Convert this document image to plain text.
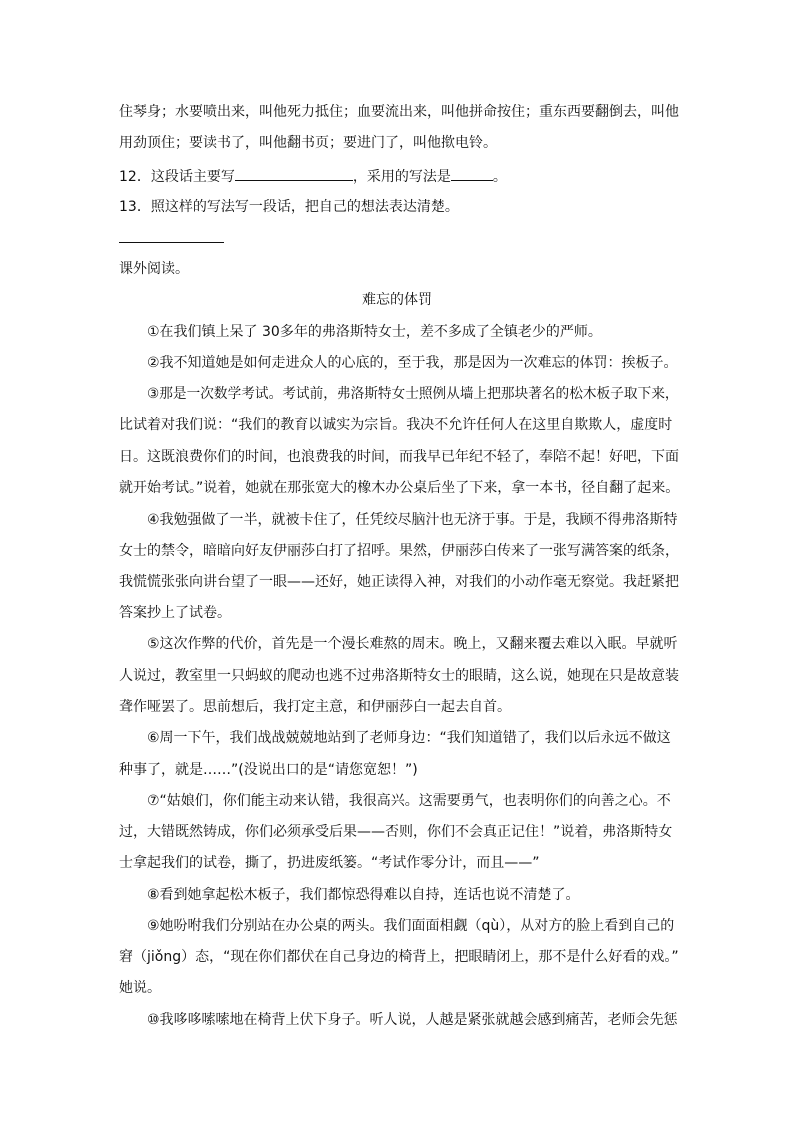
住琴身；水要喷出来，叫他死力抵住；血要流出来，叫他拼命按住；重东西要翻倒去，叫他
用劲顶住；要读书了，叫他翻书页；要进门了，叫他揿电铃。
12．这段话主要写	，采用的写法是	。
13．照这样的写法写一段话，把自己的想法表达清楚。
课外阅读。
难忘的体罚
①在我们镇上呆了 30多年的弗洛斯特女士，差不多成了全镇老少的严师。
②我不知道她是如何走进众人的心底的，至于我，那是因为一次难忘的体罚：挨板子。
③那是一次数学考试。考试前，弗洛斯特女士照例从墙上把那块著名的松木板子取下来，
比试着对我们说：“我们的教育以诚实为宗旨。我决不允许任何人在这里自欺欺人，虚度时
日。这既浪费你们的时间，也浪费我的时间，而我早已年纪不轻了，奉陪不起！好吧，下面
就开始考试。”说着，她就在那张宽大的橡木办公桌后坐了下来，拿一本书，径自翻了起来。
④我勉强做了一半，就被卡住了，任凭绞尽脑汁也无济于事。于是，我顾不得弗洛斯特
女士的禁令，暗暗向好友伊丽莎白打了招呼。果然，伊丽莎白传来了一张写满答案的纸条，
我慌慌张张向讲台望了一眼——还好，她正读得入神，对我们的小动作毫无察觉。我赶紧把
答案抄上了试卷。
⑤这次作弊的代价，首先是一个漫长难熬的周末。晚上，又翻来覆去难以入眠。早就听
人说过，教室里一只蚂蚁的爬动也逃不过弗洛斯特女士的眼睛，这么说，她现在只是故意装
聋作哑罢了。思前想后，我打定主意，和伊丽莎白一起去自首。
⑥周一下午，我们战战兢兢地站到了老师身边：“我们知道错了，我们以后永远不做这
种事了，就是……”(没说出口的是“请您宽恕！”)
⑦“姑娘们，你们能主动来认错，我很高兴。这需要勇气，也表明你们的向善之心。不
过，大错既然铸成，你们必须承受后果——否则，你们不会真正记住！”说着，弗洛斯特女
士拿起我们的试卷，撕了，扔进废纸篓。“考试作零分计，而且——”
⑧看到她拿起松木板子，我们都惊恐得难以自持，连话也说不清楚了。
⑨她吩咐我们分别站在办公桌的两头。我们面面相觑（qù），从对方的脸上看到自己的
窘（jiǒng）态，“现在你们都伏在自己身边的椅背上，把眼睛闭上，那不是什么好看的戏。”
她说。
⑩我哆哆嗦嗦地在椅背上伏下身子。听人说，人越是紧张就越会感到痛苦，老师会先惩
